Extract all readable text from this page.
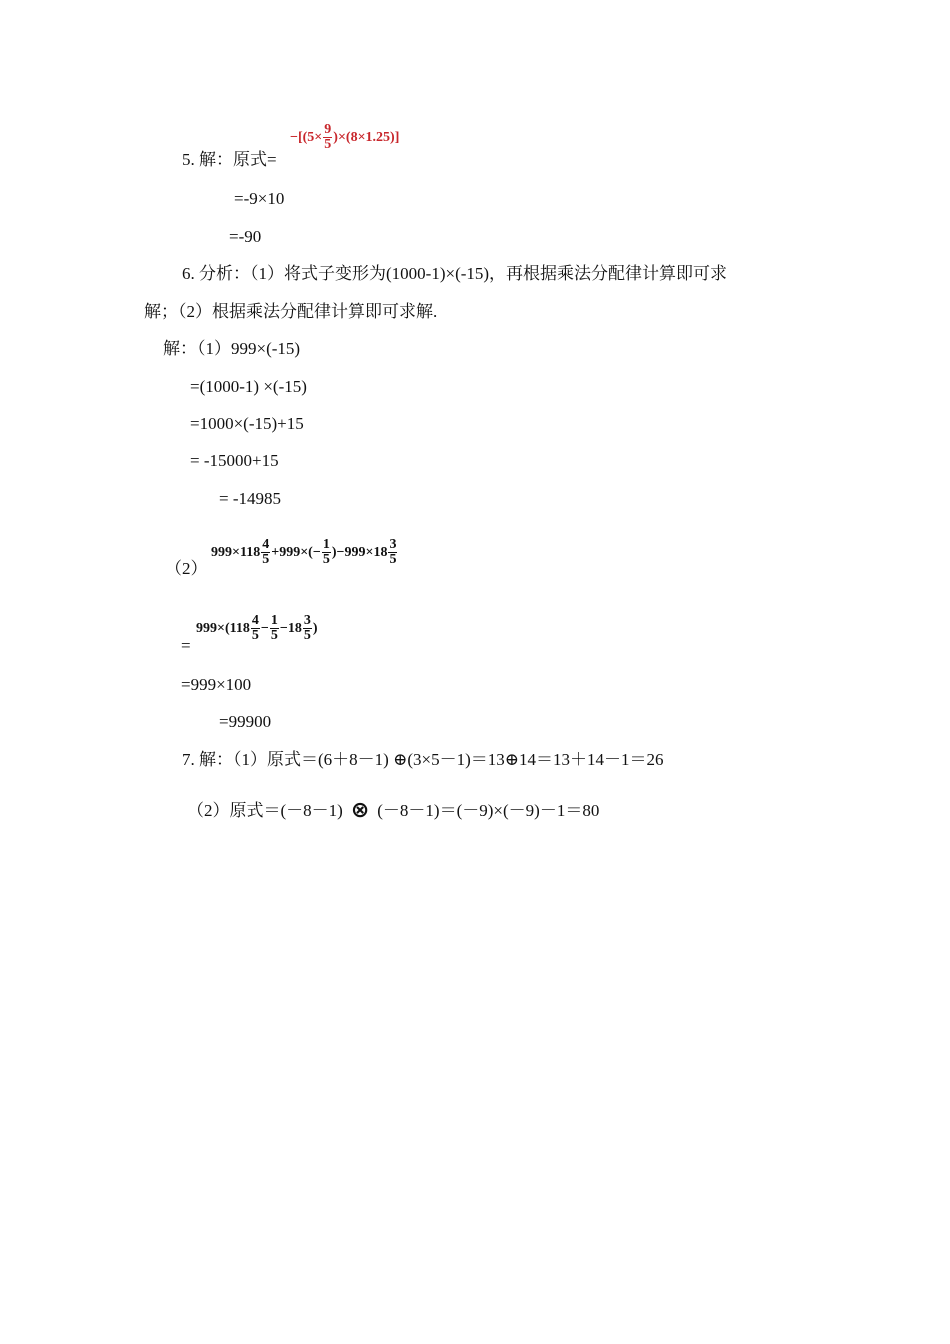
5. 解：原式=
$-[(5\times \frac{9}{5} )\times(8\times 1.25)]$
=-9×10
=-90
6. 分析：（1）将式子变形为(1000-1)×(-15)，再根据乘法分配律计算即可求
解；（2）根据乘法分配律计算即可求解.
解：（1）999×(-15)
=(1000-1) ×(-15)
=1000×(-15)+15
= -15000+15
= -14985
（2）
$999\times 118 \frac{4}{5} +999\times(- \frac{1}{5} )-999\times 18 \frac{3}{5}$
=
$999\times(118 \frac{4}{5} - \frac{1}{5} -18 \frac{3}{5}$ )
=999×100
=99900
7. 解：（1）原式＝(6＋8－1) ⊕(3×5－1)＝13⊕14＝13＋14－1＝26
（2）原式＝(－8－1) ⊗ (－8－1)＝(－9)×(－9)－1＝80
